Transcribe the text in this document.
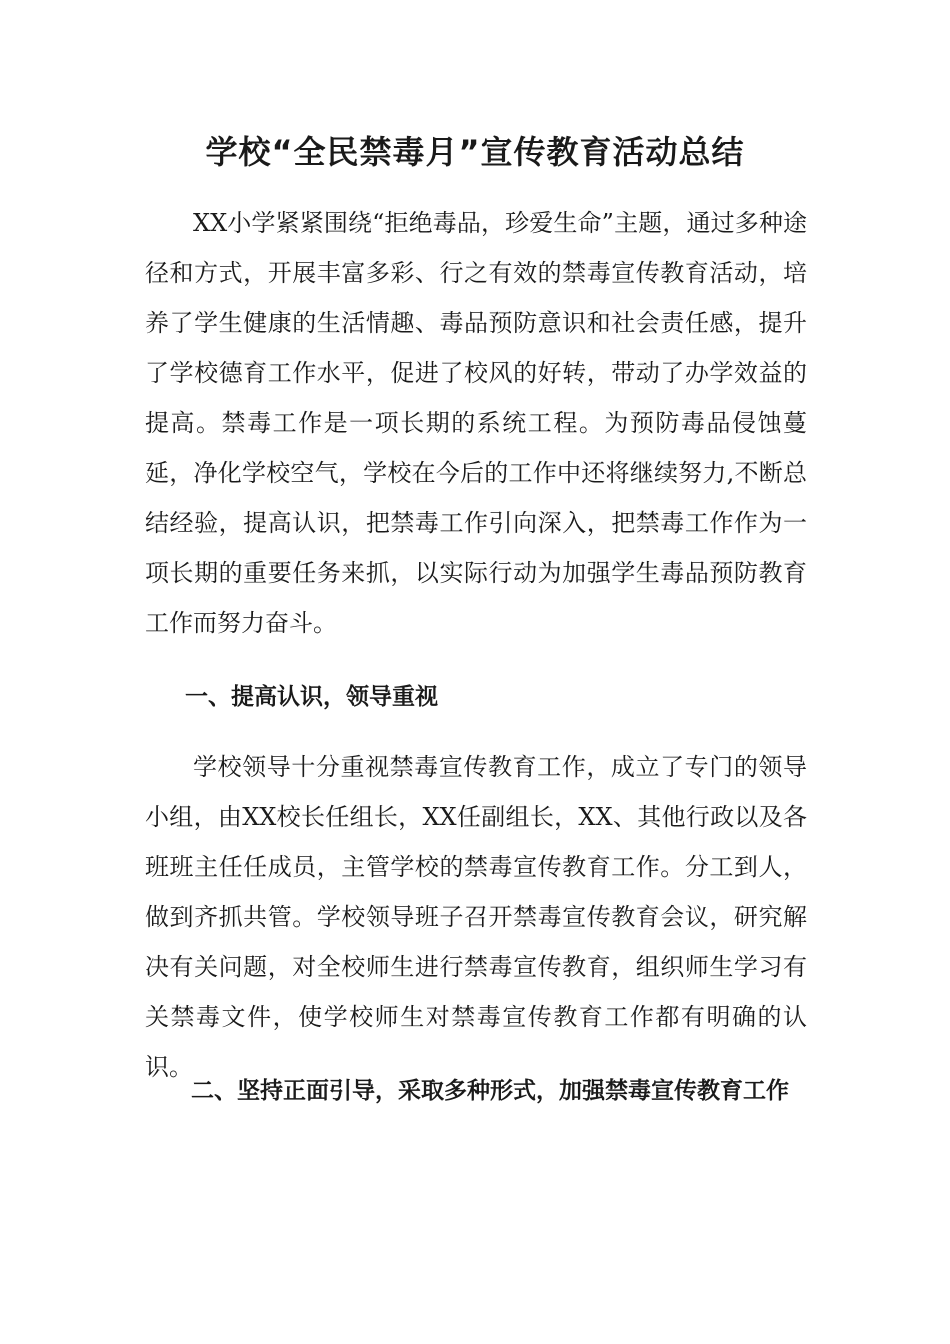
学校“全民禁毒月”宣传教育活动总结

XX小学紧紧围绕“拒绝毒品，珍爱生命”主题，通过多种途径和方式，开展丰富多彩、行之有效的禁毒宣传教育活动，培养了学生健康的生活情趣、毒品预防意识和社会责任感，提升了学校德育工作水平，促进了校风的好转，带动了办学效益的提高。禁毒工作是一项长期的系统工程。为预防毒品侵蚀蔓延，净化学校空气，学校在今后的工作中还将继续努力,不断总结经验，提高认识，把禁毒工作引向深入，把禁毒工作作为一项长期的重要任务来抓，以实际行动为加强学生毒品预防教育工作而努力奋斗。

一、提高认识，领导重视

学校领导十分重视禁毒宣传教育工作，成立了专门的领导小组，由XX校长任组长，XX任副组长，XX、其他行政以及各班班主任任成员，主管学校的禁毒宣传教育工作。分工到人，做到齐抓共管。学校领导班子召开禁毒宣传教育会议，研究解决有关问题，对全校师生进行禁毒宣传教育，组织师生学习有关禁毒文件，使学校师生对禁毒宣传教育工作都有明确的认识。

二、坚持正面引导，采取多种形式，加强禁毒宣传教育工作
